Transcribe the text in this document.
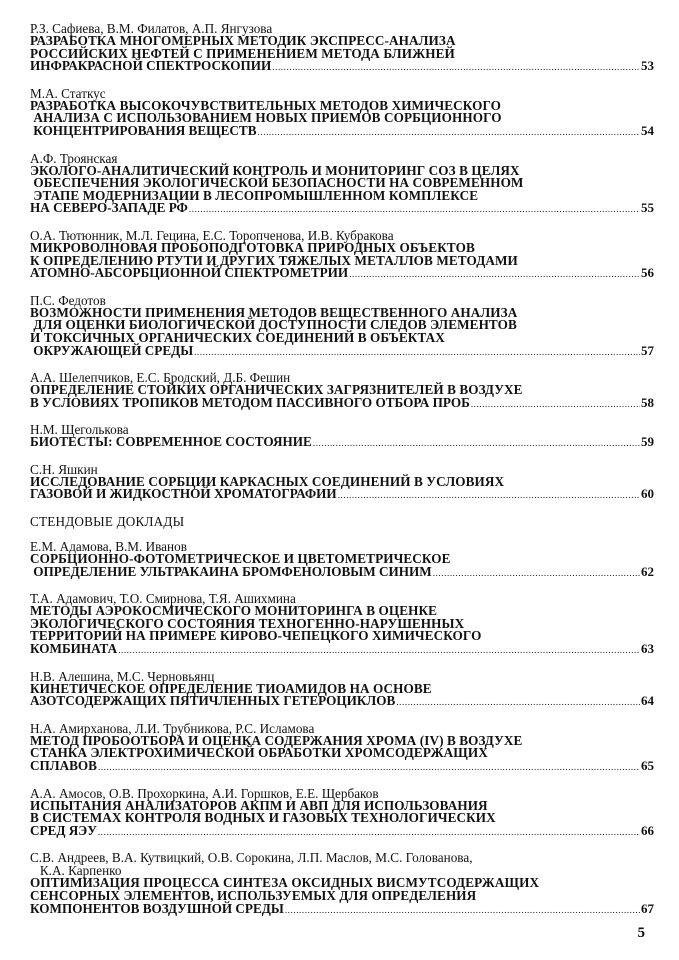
Р.З. Сафиева, В.М. Филатов, А.П. Янгузова
РАЗРАБОТКА МНОГОМЕРНЫХ МЕТОДИК ЭКСПРЕСС-АНАЛИЗА
РОССИЙСКИХ НЕФТЕЙ С ПРИМЕНЕНИЕМ МЕТОДА БЛИЖНЕЙ
ИНФРАКРАСНОЙ СПЕКТРОСКОПИИ .....	53
М.А. Статкус
РАЗРАБОТКА ВЫСОКОЧУВСТВИТЕЛЬНЫХ МЕТОДОВ ХИМИЧЕСКОГО
АНАЛИЗА С ИСПОЛЬЗОВАНИЕМ НОВЫХ ПРИЕМОВ СОРБЦИОННОГО
КОНЦЕНТРИРОВАНИЯ ВЕЩЕСТВ .....	54
А.Ф. Троянская
ЭКОЛОГО-АНАЛИТИЧЕСКИЙ КОНТРОЛЬ И МОНИТОРИНГ СОЗ В ЦЕЛЯХ
ОБЕСПЕЧЕНИЯ ЭКОЛОГИЧЕСКОЙ БЕЗОПАСНОСТИ НА СОВРЕМЕННОМ
ЭТАПЕ МОДЕРНИЗАЦИИ В ЛЕСОПРОМЫШЛЕННОМ КОМПЛЕКСЕ
НА СЕВЕРО-ЗАПАДЕ РФ .....	55
О.А. Тютюнник, М.Л. Гецина, Е.С. Торопченова, И.В. Кубракова
МИКРОВОЛНОВАЯ ПРОБОПОДГОТОВКА ПРИРОДНЫХ ОБЪЕКТОВ
К ОПРЕДЕЛЕНИЮ РТУТИ И ДРУГИХ ТЯЖЕЛЫХ МЕТАЛЛОВ МЕТОДАМИ
АТОМНО-АБСОРБЦИОННОЙ СПЕКТРОМЕТРИИ .....	56
П.С. Федотов
ВОЗМОЖНОСТИ ПРИМЕНЕНИЯ МЕТОДОВ ВЕЩЕСТВЕННОГО АНАЛИЗА
ДЛЯ ОЦЕНКИ БИОЛОГИЧЕСКОЙ ДОСТУПНОСТИ СЛЕДОВ ЭЛЕМЕНТОВ
И ТОКСИЧНЫХ ОРГАНИЧЕСКИХ СОЕДИНЕНИЙ В ОБЪЕКТАХ
ОКРУЖАЮЩЕЙ СРЕДЫ .....	57
А.А. Шелепчиков, Е.С. Бродский, Д.Б. Фешин
ОПРЕДЕЛЕНИЕ СТОЙКИХ ОРГАНИЧЕСКИХ ЗАГРЯЗНИТЕЛЕЙ В ВОЗДУХЕ
В УСЛОВИЯХ ТРОПИКОВ МЕТОДОМ ПАССИВНОГО ОТБОРА ПРОБ .....	58
Н.М. Щеголькова
БИОТЕСТЫ: СОВРЕМЕННОЕ СОСТОЯНИЕ .....	59
С.Н. Яшкин
ИССЛЕДОВАНИЕ СОРБЦИИ КАРКАСНЫХ СОЕДИНЕНИЙ В УСЛОВИЯХ
ГАЗОВОЙ И ЖИДКОСТНОЙ ХРОМАТОГРАФИИ .....	60
СТЕНДОВЫЕ ДОКЛАДЫ
Е.М. Адамова, В.М. Иванов
СОРБЦИОННО-ФОТОМЕТРИЧЕСКОЕ И ЦВЕТОМЕТРИЧЕСКОЕ
ОПРЕДЕЛЕНИЕ УЛЬТРАКАИНА БРОМФЕНОЛОВЫМ СИНИМ .....	62
Т.А. Адамович, Т.О. Смирнова, Т.Я. Ашихмина
МЕТОДЫ АЭРОКОСМИЧЕСКОГО МОНИТОРИНГА В ОЦЕНКЕ
ЭКОЛОГИЧЕСКОГО СОСТОЯНИЯ ТЕХНОГЕННО-НАРУШЕННЫХ
ТЕРРИТОРИЙ НА ПРИМЕРЕ КИРОВО-ЧЕПЕЦКОГО ХИМИЧЕСКОГО
КОМБИНАТА .....	63
Н.В. Алешина, М.С. Черновьянц
КИНЕТИЧЕСКОЕ ОПРЕДЕЛЕНИЕ ТИОАМИДОВ НА ОСНОВЕ
АЗОТСОДЕРЖАЩИХ ПЯТИЧЛЕННЫХ ГЕТЕРОЦИКЛОВ .....	64
Н.А. Амирханова, Л.И. Трубникова, Р.С. Исламова
МЕТОД ПРОБООТБОРА И ОЦЕНКА СОДЕРЖАНИЯ ХРОМА (IV) В ВОЗДУХЕ
СТАНКА ЭЛЕКТРОХИМИЧЕСКОЙ ОБРАБОТКИ ХРОМСОДЕРЖАЩИХ
СПЛАВОВ .....	65
А.А. Амосов, О.В. Прохоркина, А.И. Горшков, Е.Е. Щербаков
ИСПЫТАНИЯ АНАЛИЗАТОРОВ АКПМ И АВП ДЛЯ ИСПОЛЬЗОВАНИЯ
В СИСТЕМАХ КОНТРОЛЯ ВОДНЫХ И ГАЗОВЫХ ТЕХНОЛОГИЧЕСКИХ
СРЕД ЯЭУ .....	66
С.В. Андреев, В.А. Кутвицкий, О.В. Сорокина, Л.П. Маслов, М.С. Голованова,
К.А. Карпенко
ОПТИМИЗАЦИЯ ПРОЦЕССА СИНТЕЗА ОКСИДНЫХ ВИСМУТСОДЕРЖАЩИХ
СЕНСОРНЫХ ЭЛЕМЕНТОВ, ИСПОЛЬЗУЕМЫХ ДЛЯ ОПРЕДЕЛЕНИЯ
КОМПОНЕНТОВ ВОЗДУШНОЙ СРЕДЫ .....	67
5
